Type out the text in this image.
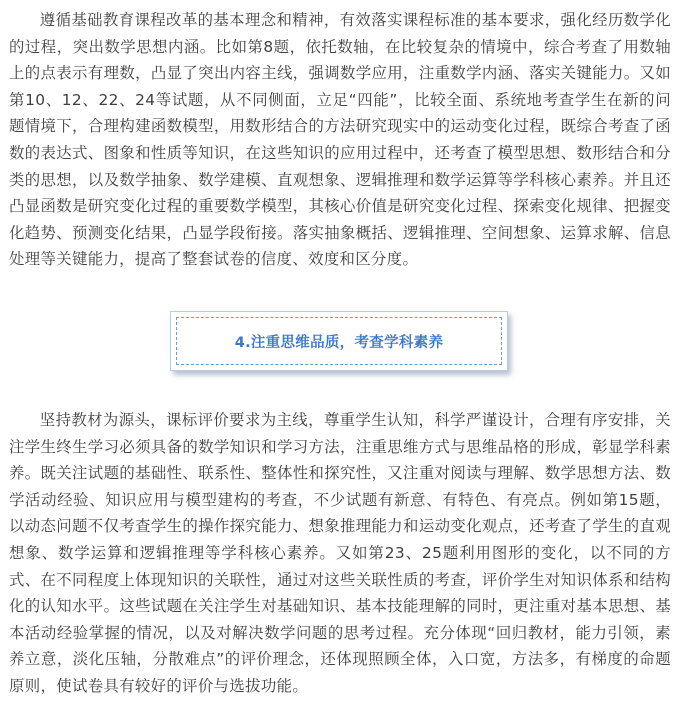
遵循基础教育课程改革的基本理念和精神，有效落实课程标准的基本要求，强化经历数学化的过程，突出数学思想内涵。比如第8题，依托数轴，在比较复杂的情境中，综合考查了用数轴上的点表示有理数，凸显了突出内容主线，强调数学应用，注重数学内涵、落实关键能力。又如第10、12、22、24等试题，从不同侧面，立足“四能”，比较全面、系统地考查学生在新的问题情境下，合理构建函数模型，用数形结合的方法研究现实中的运动变化过程，既综合考查了函数的表达式、图象和性质等知识，在这些知识的应用过程中，还考查了模型思想、数形结合和分类的思想，以及数学抽象、数学建模、直观想象、逻辑推理和数学运算等学科核心素养。并且还凸显函数是研究变化过程的重要数学模型，其核心价值是研究变化过程、探索变化规律、把握变化趋势、预测变化结果，凸显学段衔接。落实抽象概括、逻辑推理、空间想象、运算求解、信息处理等关键能力，提高了整套试卷的信度、效度和区分度。

4.注重思维品质，考查学科素养

坚持教材为源头，课标评价要求为主线，尊重学生认知，科学严谨设计，合理有序安排，关注学生终生学习必须具备的数学知识和学习方法，注重思维方式与思维品格的形成，彰显学科素养。既关注试题的基础性、联系性、整体性和探究性，又注重对阅读与理解、数学思想方法、数学活动经验、知识应用与模型建构的考查，不少试题有新意、有特色、有亮点。例如第15题，以动态问题不仅考查学生的操作探究能力、想象推理能力和运动变化观点，还考查了学生的直观想象、数学运算和逻辑推理等学科核心素养。又如第23、25题利用图形的变化，以不同的方式、在不同程度上体现知识的关联性，通过对这些关联性质的考查，评价学生对知识体系和结构化的认知水平。这些试题在关注学生对基础知识、基本技能理解的同时，更注重对基本思想、基本活动经验掌握的情况，以及对解决数学问题的思考过程。充分体现“回归教材，能力引领，素养立意，淡化压轴，分散难点”的评价理念，还体现照顾全体，入口宽，方法多，有梯度的命题原则，使试卷具有较好的评价与选拔功能。
